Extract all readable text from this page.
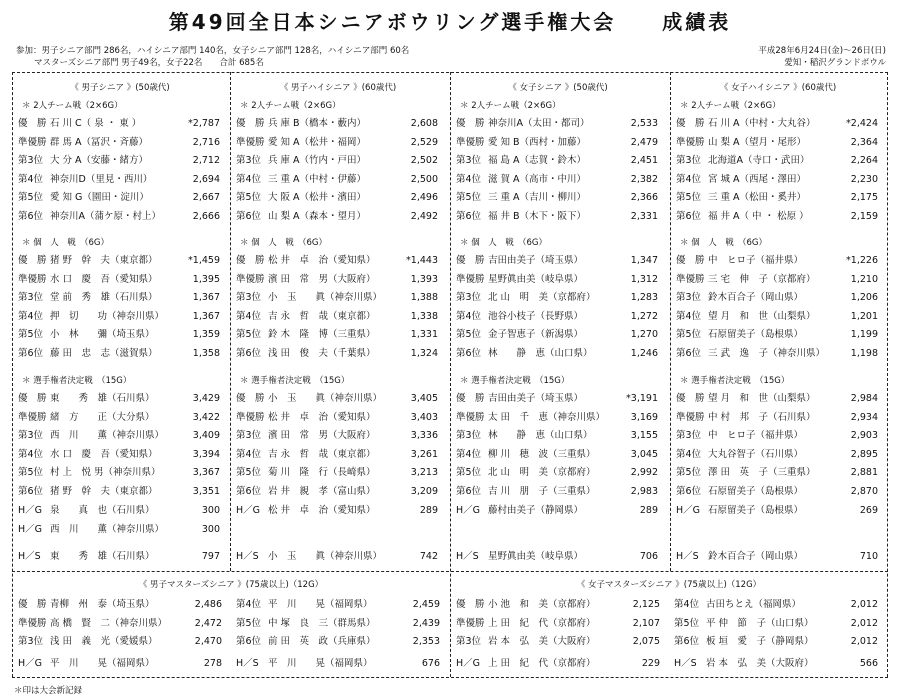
第49回全日本シニアボウリング選手権大会　　成績表
参加：男子シニア部門 286名，ハイシニア部門 140名，女子シニア部門 128名，ハイシニア部門 60名
マスターズシニア部門 男子49名，女子22名　　合計 685名
平成28年6月24日(金)～26日(日)
愛知・稲沢グランドボウル
《 男子シニア 》(50歳代)
＊ 2人チーム戦（2×6G）
優　勝 石 川 C（ 泉 ・ 東 ）	*2,787
準優勝 群 馬 A（冨沢・斉藤）	2,716
第3位 大 分 A（安藤・緒方）	2,712
第4位 神奈川D（里見・西川）	2,694
第5位 愛 知 G（園田・淀川）	2,667
第6位 神奈川A（蒲ケ原・村上）	2,666
＊ 個　人　戦　（6G）
優　勝 猪 野　幹　夫（東京都）	*1,459
準優勝 水 口　慶　吾（愛知県）	1,395
第3位 堂 前　秀　雄（石川県）	1,367
第4位 押　切　　功（神奈川県）	1,367
第5位 小　林　　彌（埼玉県）	1,359
第6位 藤 田　忠　志（滋賀県）	1,358
＊ 選手権者決定戦　（15G）
優　勝 東　　秀　雄（石川県）	3,429
準優勝 緒　方　　正（大分県）	3,422
第3位 西　川　　薫（神奈川県）	3,409
第4位 水 口　慶　吾（愛知県）	3,394
第5位 村 上　悦 男（神奈川県）	3,367
第6位 猪 野　幹　夫（東京都）	3,351
H／G 泉　　真　也（石川県）	300
H／G 西　川　　薫（神奈川県）	300
H／S 東　　秀　雄（石川県）	797
《 男子ハイシニア 》(60歳代)
＊ 2人チーム戦（2×6G）
優　勝 兵 庫 B（橋本・藪内）	2,608
準優勝 愛 知 A（松井・福岡）	2,529
第3位 兵 庫 A（竹内・戸田）	2,502
第4位 三 重 A（中村・伊藤）	2,500
第5位 大 阪 A（松井・濱田）	2,496
第6位 山 梨 A（森本・望月）	2,492
＊ 個　人　戦　（6G）
優　勝 松 井　卓　治（愛知県）	*1,443
準優勝 濱 田　常　男（大阪府）	1,393
第3位 小　玉　　眞（神奈川県）	1,388
第4位 吉 永　哲　哉（東京都）	1,338
第5位 鈴 木　隆　博（三重県）	1,331
第6位 浅 田　俊　夫（千葉県）	1,324
＊ 選手権者決定戦　（15G）
優　勝 小　玉　　眞（神奈川県）	3,405
準優勝 松 井　卓　治（愛知県）	3,403
第3位 濱 田　常　男（大阪府）	3,336
第4位 吉 永　哲　哉（東京都）	3,261
第5位 菊 川　隆　行（長崎県）	3,213
第6位 岩 井　親　孝（富山県）	3,209
H／G 松 井　卓　治（愛知県）	289
H／S 小　玉　　眞（神奈川県）	742
《 女子シニア 》(50歳代)
＊ 2人チーム戦（2×6G）
優　勝 神奈川A（太田・都司）	2,533
準優勝 愛 知 B（西村・加藤）	2,479
第3位 福 島 A（志賀・鈴木）	2,451
第4位 滋 賀 A（高市・中川）	2,382
第5位 三 重 A（吉川・柳川）	2,366
第6位 福 井 B（木下・阪下）	2,331
＊ 個　人　戦　（6G）
優　勝 吉田由美子（埼玉県）	1,347
準優勝 星野眞由美（岐阜県）	1,312
第3位 北 山　明　美（京都府）	1,283
第4位 池谷小枝子（長野県）	1,272
第5位 金子智恵子（新潟県）	1,270
第6位 林　　静　恵（山口県）	1,246
＊ 選手権者決定戦　（15G）
優　勝 吉田由美子（埼玉県）	*3,191
準優勝 太 田　千　恵（神奈川県）	3,169
第3位 林　　静　恵（山口県）	3,155
第4位 柳 川　穂　波（三重県）	3,045
第5位 北 山　明　美（京都府）	2,992
第6位 吉 川　朋　子（三重県）	2,983
H／G 藤村由美子（静岡県）	289
H／S 星野眞由美（岐阜県）	706
《 女子ハイシニア 》(60歳代)
＊ 2人チーム戦（2×6G）
優　勝 石 川 A（中村・大丸谷）	*2,424
準優勝 山 梨 A（望月・尾形）	2,364
第3位 北海道A（寺口・武田）	2,264
第4位 宮 城 A（西尾・澤田）	2,230
第5位 三 重 A（松田・奚井）	2,175
第6位 福 井 A（ 中 ・ 松原 ）	2,159
＊ 個　人　戦　（6G）
優　勝 中　ヒロ子（福井県）	*1,226
準優勝 三 宅　伸　子（京都府）	1,210
第3位 鈴木百合子（岡山県）	1,206
第4位 望 月　和　世（山梨県）	1,201
第5位 石原留美子（島根県）	1,199
第6位 三 武　逸　子（神奈川県）	1,198
＊ 選手権者決定戦　（15G）
優　勝 望 月　和　世（山梨県）	2,984
準優勝 中 村　邦　子（石川県）	2,934
第3位 中　ヒロ子（福井県）	2,903
第4位 大丸谷智子（石川県）	2,895
第5位 澤 田　英　子（三重県）	2,881
第6位 石原留美子（島根県）	2,870
H／G 石原留美子（島根県）	269
H／S 鈴木百合子（岡山県）	710
《 男子マスターズシニア 》(75歳以上)（12G）
優　勝 青柳　州　泰（埼玉県）	2,486
準優勝 高 橋　賢　二（神奈川県）	2,472
第3位 浅 田　義　光（愛媛県）	2,470
H／G 平　川　　晃（福岡県）	278
第4位 平　川　　晃（福岡県）	2,459
第5位 中 塚　良　三（群馬県）	2,439
第6位 前 田　英　政（兵庫県）	2,353
H／S 平　川　　晃（福岡県）	676
《 女子マスターズシニア 》(75歳以上)（12G）
優　勝 小 池　和　美（京都府）	2,125
準優勝 上 田　紀　代（京都府）	2,107
第3位 岩 本　弘　美（大阪府）	2,075
H／G 上 田　紀　代（京都府）	229
第4位 古田ちとえ（福岡県）	2,012
第5位 平 仲　節　子（山口県）	2,012
第6位 板 垣　愛　子（静岡県）	2,012
H／S 岩 本　弘　美（大阪府）	566
＊印は大会新記録
